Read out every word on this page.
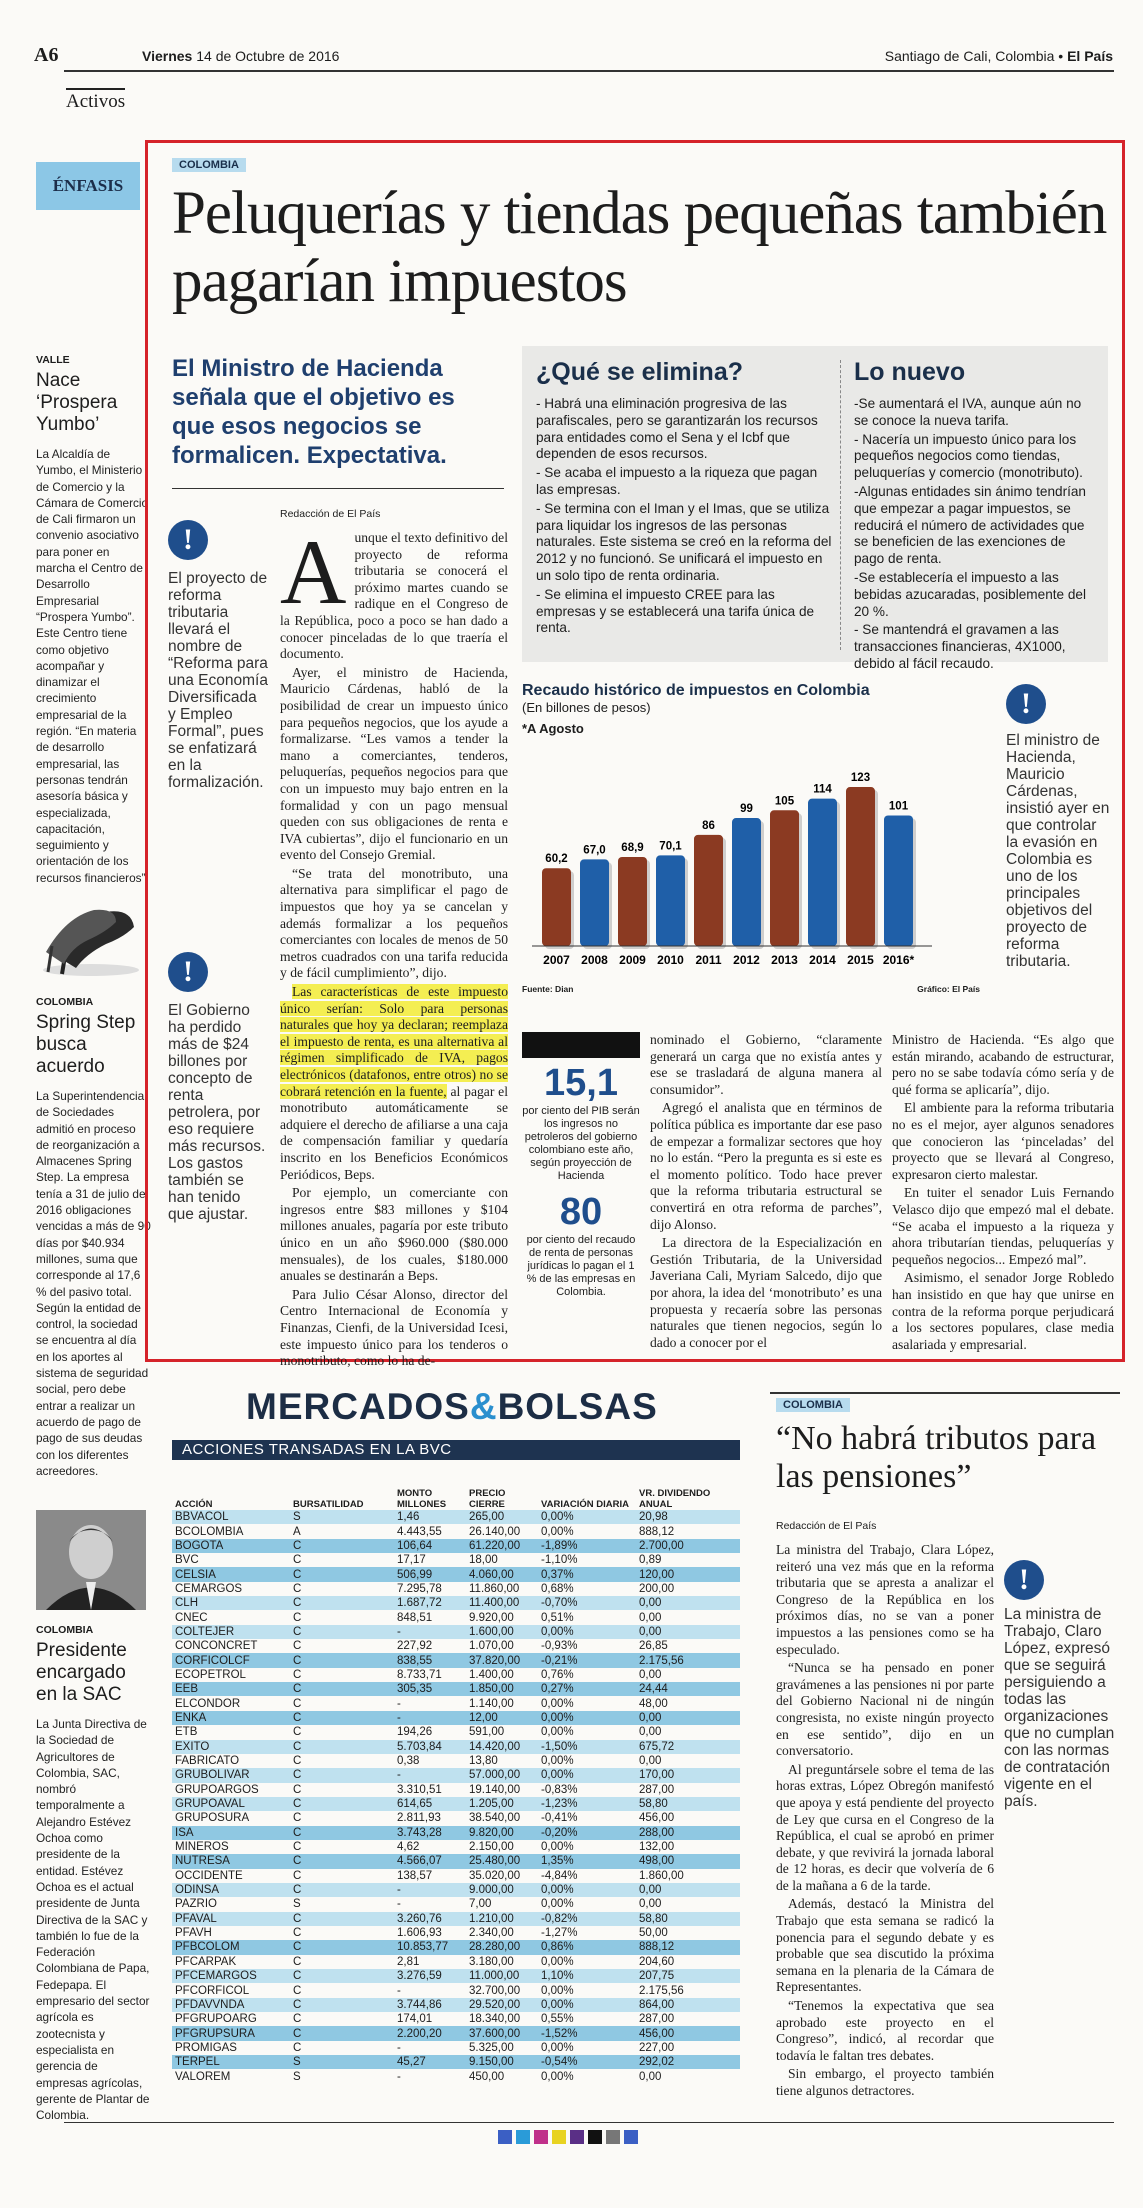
A6	Viernes 14 de Octubre de 2016	Santiago de Cali, Colombia • El País
Activos
ÉNFASIS
VALLE
Nace ‘Prospera Yumbo’
La Alcaldía de Yumbo, el Ministerio de Comercio y la Cámara de Comercio de Cali firmaron un convenio asociativo para poner en marcha el Centro de Desarrollo Empresarial “Prospera Yumbo”. Este Centro tiene como objetivo acompañar y dinamizar el crecimiento empresarial de la región. “En materia de desarrollo empresarial, las personas tendrán asesoría básica y especializada, capacitación, seguimiento y orientación de los recursos financieros”.
COLOMBIA
Spring Step busca acuerdo
La Superintendencia de Sociedades admitió en proceso de reorganización a Almacenes Spring Step. La empresa tenía a 31 de julio de 2016 obligaciones vencidas a más de 90 días por $40.934 millones, suma que corresponde al 17,6 % del pasivo total. Según la entidad de control, la sociedad se encuentra al día en los aportes al sistema de seguridad social, pero debe entrar a realizar un acuerdo de pago de pago de sus deudas con los diferentes acreedores.
COLOMBIA
Presidente encargado en la SAC
La Junta Directiva de la Sociedad de Agricultores de Colombia, SAC, nombró temporalmente a Alejandro Estévez Ochoa como presidente de la entidad. Estévez Ochoa es el actual presidente de Junta Directiva de la SAC y también lo fue de la Federación Colombiana de Papa, Fedepapa. El empresario del sector agrícola es zootecnista y especialista en gerencia de empresas agrícolas, gerente de Plantar de Colombia.
COLOMBIA
Peluquerías y tiendas pequeñas también pagarían impuestos
El Ministro de Hacienda señala que el objetivo es que esos negocios se formalicen. Expectativa.
!
El proyecto de reforma tributaria llevará el nombre de “Reforma para una Economía Diversificada y Empleo Formal”, pues se enfatizará en la formalización.
!
El Gobierno ha perdido más de $24 billones por concepto de renta petrolera, por eso requiere más recursos. Los gastos también se han tenido que ajustar.
Redacción de El País
A unque el texto definitivo del proyecto de reforma tributaria se conocerá el próximo martes cuando se radique en el Congreso de la República, poco a poco se han dado a conocer pinceladas de lo que traería el documento.

Ayer, el ministro de Hacienda, Mauricio Cárdenas, habló de la posibilidad de crear un impuesto único para pequeños negocios, que los ayude a formalizarse. “Les vamos a tender la mano a comerciantes, tenderos, peluquerías, pequeños negocios para que con un impuesto muy bajo entren en la formalidad y con un pago mensual queden con sus obligaciones de renta e IVA cubiertas”, dijo el funcionario en un evento del Consejo Gremial.

“Se trata del monotributo, una alternativa para simplificar el pago de impuestos que hoy ya se cancelan y además formalizar a los pequeños comerciantes con locales de menos de 50 metros cuadrados con una tarifa reducida y de fácil cumplimiento”, dijo.

Las características de este impuesto único serían: Solo para personas naturales que hoy ya declaran; reemplaza el impuesto de renta, es una alternativa al régimen simplificado de IVA, pagos electrónicos (datafonos, entre otros) no se cobrará retención en la fuente, al pagar el monotributo automáticamente se adquiere el derecho de afiliarse a una caja de compensación familiar y quedaría inscrito en los Beneficios Económicos Periódicos, Beps.

Por ejemplo, un comerciante con ingresos entre $83 millones y $104 millones anuales, pagaría por este tributo único en un año $960.000 ($80.000 mensuales), de los cuales, $180.000 anuales se destinarán a Beps.

Para Julio César Alonso, director del Centro Internacional de Economía y Finanzas, Cienfi, de la Universidad Icesi, este impuesto único para los tenderos o monotributo, como lo ha de-

¿Qué se elimina?
- Habrá una eliminación progresiva de las parafiscales, pero se garantizarán los recursos para entidades como el Sena y el Icbf que dependen de esos recursos.
- Se acaba el impuesto a la riqueza que pagan las empresas.
- Se termina con el Iman y el Imas, que se utiliza para liquidar los ingresos de las personas naturales. Este sistema se creó en la reforma del 2012 y no funcionó. Se unificará el impuesto en un solo tipo de renta ordinaria.
- Se elimina el impuesto CREE para las empresas y se establecerá una tarifa única de renta.
Lo nuevo
-Se aumentará el IVA, aunque aún no se conoce la nueva tarifa.
- Nacería un impuesto único para los pequeños negocios como tiendas, peluquerías y comercio (monotributo).
-Algunas entidades sin ánimo tendrían que empezar a pagar impuestos, se reducirá el número de actividades que se beneficien de las exenciones de pago de renta.
-Se establecería el impuesto a las bebidas azucaradas, posiblemente del 20 %.
- Se mantendrá el gravamen a las transacciones financieras, 4X1000, debido al fácil recaudo.
Recaudo histórico de impuestos en Colombia
(En billones de pesos)
*A Agosto
60,2
2007
67,0
2008
68,9
2009
70,1
2010
86
2011
99
2012
105
2013
114
2014
123
2015
101
2016*
Fuente: Dian	Gráfico: El País
!
El ministro de Hacienda, Mauricio Cárdenas, insistió ayer en que controlar la evasión en Colombia es uno de los principales objetivos del proyecto de reforma tributaria.
15,1
por ciento del PIB serán los ingresos no petroleros del gobierno colombiano este año, según proyección de Hacienda
80
por ciento del recaudo de renta de personas jurídicas lo pagan el 1 % de las empresas en Colombia.

nominado el Gobierno, “claramente generará un carga que no existía antes y ese se trasladará de alguna manera al consumidor”.

Agregó el analista que en términos de política pública es importante dar ese paso de empezar a formalizar sectores que hoy no lo están. “Pero la pregunta es si este es el momento político. Todo hace prever que la reforma tributaria estructural se convertirá en otra reforma de parches”, dijo Alonso.

La directora de la Especialización en Gestión Tributaria, de la Universidad Javeriana Cali, Myriam Salcedo, dijo que por ahora, la idea del ‘monotributo’ es una propuesta y recaería sobre las personas naturales que tienen negocios, según lo dado a conocer por el

Ministro de Hacienda. “Es algo que están mirando, acabando de estructurar, pero no se sabe todavía cómo sería y de qué forma se aplicaría”, dijo.

El ambiente para la reforma tributaria no es el mejor, ayer algunos senadores que conocieron las ‘pinceladas’ del proyecto que se llevará al Congreso, expresaron cierto malestar.

En tuiter el senador Luis Fernando Velasco dijo que empezó mal el debate. “Se acaba el impuesto a la riqueza y ahora tributarían tiendas, peluquerías y pequeños negocios... Empezó mal”.

Asimismo, el senador Jorge Robledo han insistido en que hay que unirse en contra de la reforma porque perjudicará a los sectores populares, clase media asalariada y empresarial.

MERCADOS&BOLSAS
ACCIONES TRANSADAS EN LA BVC
ACCIÓN	BURSATILIDAD	MONTO MILLONES	PRECIO CIERRE	VARIACIÓN DIARIA	VR. DIVIDENDO ANUAL
BBVACOL	S	1,46	265,00	0,00%	20,98
BCOLOMBIA	A	4.443,55	26.140,00	0,00%	888,12
BOGOTA	C	106,64	61.220,00	-1,89%	2.700,00
BVC	C	17,17	18,00	-1,10%	0,89
CELSIA	C	506,99	4.060,00	0,37%	120,00
CEMARGOS	C	7.295,78	11.860,00	0,68%	200,00
CLH	C	1.687,72	11.400,00	-0,70%	0,00
CNEC	C	848,51	9.920,00	0,51%	0,00
COLTEJER	C	-	1.600,00	0,00%	0,00
CONCONCRET	C	227,92	1.070,00	-0,93%	26,85
CORFICOLCF	C	838,55	37.820,00	-0,21%	2.175,56
ECOPETROL	C	8.733,71	1.400,00	0,76%	0,00
EEB	C	305,35	1.850,00	0,27%	24,44
ELCONDOR	C	-	1.140,00	0,00%	48,00
ENKA	C	-	12,00	0,00%	0,00
ETB	C	194,26	591,00	0,00%	0,00
EXITO	C	5.703,84	14.420,00	-1,50%	675,72
FABRICATO	C	0,38	13,80	0,00%	0,00
GRUBOLIVAR	C	-	57.000,00	0,00%	170,00
GRUPOARGOS	C	3.310,51	19.140,00	-0,83%	287,00
GRUPOAVAL	C	614,65	1.205,00	-1,23%	58,80
GRUPOSURA	C	2.811,93	38.540,00	-0,41%	456,00
ISA	C	3.743,28	9.820,00	-0,20%	288,00
MINEROS	C	4,62	2.150,00	0,00%	132,00
NUTRESA	C	4.566,07	25.480,00	1,35%	498,00
OCCIDENTE	C	138,57	35.020,00	-4,84%	1.860,00
ODINSA	C	-	9.000,00	0,00%	0,00
PAZRIO	S	-	7,00	0,00%	0,00
PFAVAL	C	3.260,76	1.210,00	-0,82%	58,80
PFAVH	C	1.606,93	2.340,00	-1,27%	50,00
PFBCOLOM	C	10.853,77	28.280,00	0,86%	888,12
PFCARPAK	C	2,81	3.180,00	0,00%	204,60
PFCEMARGOS	C	3.276,59	11.000,00	1,10%	207,75
PFCORFICOL	C	-	32.700,00	0,00%	2.175,56
PFDAVVNDA	C	3.744,86	29.520,00	0,00%	864,00
PFGRUPOARG	C	174,01	18.340,00	0,55%	287,00
PFGRUPSURA	C	2.200,20	37.600,00	-1,52%	456,00
PROMIGAS	C	-	5.325,00	0,00%	227,00
TERPEL	S	45,27	9.150,00	-0,54%	292,02
VALOREM	S	-	450,00	0,00%	0,00
COLOMBIA
“No habrá tributos para las pensiones”
Redacción de El País

La ministra del Trabajo, Clara López, reiteró una vez más que en la reforma tributaria que se apresta a analizar el Congreso de la República en los próximos días, no se van a poner impuestos a las pensiones como se ha especulado.

“Nunca se ha pensado en poner gravámenes a las pensiones ni por parte del Gobierno Nacional ni de ningún congresista, no existe ningún proyecto en ese sentido”, dijo en un conversatorio.

Al preguntársele sobre el tema de las horas extras, López Obregón manifestó que apoya y está pendiente del proyecto de Ley que cursa en el Congreso de la República, el cual se aprobó en primer debate, y que revivirá la jornada laboral de 12 horas, es decir que volvería de 6 de la mañana a 6 de la tarde.

Además, destacó la Ministra del Trabajo que esta semana se radicó la ponencia para el segundo debate y es probable que sea discutido la próxima semana en la plenaria de la Cámara de Representantes.

“Tenemos la expectativa que sea aprobado este proyecto en el Congreso”, indicó, al recordar que todavía le faltan tres debates.

Sin embargo, el proyecto también tiene algunos detractores.

!
La ministra de Trabajo, Claro López, expresó que se seguirá persiguiendo a todas las organizaciones que no cumplan con las normas de contratación vigente en el país.
